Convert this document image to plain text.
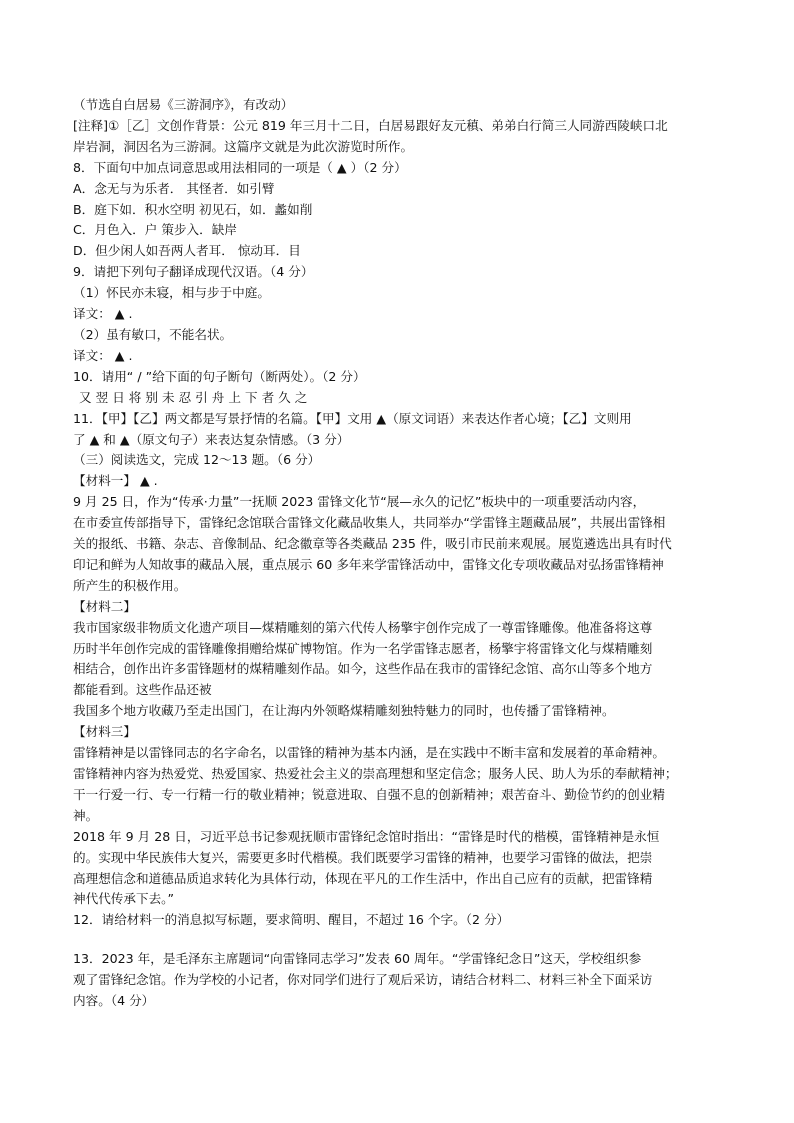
（节选自白居易《三游洞序》，有改动）
[注释]①［乙］文创作背景：公元 819 年三月十二日，白居易跟好友元稹、弟弟白行简三人同游西陵峡口北
岸岩洞，洞因名为三游洞。这篇序文就是为此次游览时所作。
8．下面句中加点词意思或用法相同的一项是（ ▲ ）（2 分）
A．念无与为乐者． 其怪者．如引臂
B．庭下如．积水空明 初见石，如．蠡如削
C．月色入．户 策步入．缺岸
D．但少闲人如吾两人者耳． 惊动耳．目
9．请把下列句子翻译成现代汉语。（4 分）
（1）怀民亦未寝，相与步于中庭。
译文： ▲ .
（2）虽有敏口，不能名状。
译文： ▲ .
10．请用“ / ”给下面的句子断句（断两处）。（2 分）
又 翌 日 将 别 未 忍 引 舟 上 下 者 久 之
11．【甲】【乙】两文都是写景抒情的名篇。【甲】文用 ▲（原文词语）来表达作者心境；【乙】文则用
了 ▲ 和 ▲（原文句子）来表达复杂情感。（3 分）
（三）阅读选文，完成 12～13 题。（6 分）
【材料一】 ▲ .
9 月 25 日，作为“传承·力量”一抚顺 2023 雷锋文化节“展—永久的记忆”板块中的一项重要活动内容，
在市委宣传部指导下，雷锋纪念馆联合雷锋文化藏品收集人，共同举办“学雷锋主题藏品展”，共展出雷锋相
关的报纸、书籍、杂志、音像制品、纪念徽章等各类藏品 235 件，吸引市民前来观展。展览遴选出具有时代
印记和鲜为人知故事的藏品入展，重点展示 60 多年来学雷锋活动中，雷锋文化专项收藏品对弘扬雷锋精神
所产生的积极作用。
【材料二】
我市国家级非物质文化遗产项目—煤精雕刻的第六代传人杨擎宇创作完成了一尊雷锋雕像。他准备将这尊
历时半年创作完成的雷锋雕像捐赠给煤矿博物馆。作为一名学雷锋志愿者，杨擎宇将雷锋文化与煤精雕刻
相结合，创作出许多雷锋题材的煤精雕刻作品。如今，这些作品在我市的雷锋纪念馆、高尔山等多个地方
都能看到。这些作品还被
我国多个地方收藏乃至走出国门，在让海内外领略煤精雕刻独特魅力的同时，也传播了雷锋精神。
【材料三】
雷锋精神是以雷锋同志的名字命名，以雷锋的精神为基本内涵，是在实践中不断丰富和发展着的革命精神。
雷锋精神内容为热爱党、热爱国家、热爱社会主义的崇高理想和坚定信念；服务人民、助人为乐的奉献精神；
干一行爱一行、专一行精一行的敬业精神；锐意进取、自强不息的创新精神；艰苦奋斗、勤俭节约的创业精
神。
2018 年 9 月 28 日，习近平总书记参观抚顺市雷锋纪念馆时指出：“雷锋是时代的楷模，雷锋精神是永恒
的。实现中华民族伟大复兴，需要更多时代楷模。我们既要学习雷锋的精神，也要学习雷锋的做法，把崇
高理想信念和道德品质追求转化为具体行动，体现在平凡的工作生活中，作出自己应有的贡献，把雷锋精
神代代传承下去。”
12．请给材料一的消息拟写标题，要求简明、醒目，不超过 16 个字。（2 分）
13．2023 年，是毛泽东主席题词“向雷锋同志学习”发表 60 周年。“学雷锋纪念日”这天，学校组织参
观了雷锋纪念馆。作为学校的小记者，你对同学们进行了观后采访，请结合材料二、材料三补全下面采访
内容。（4 分）
